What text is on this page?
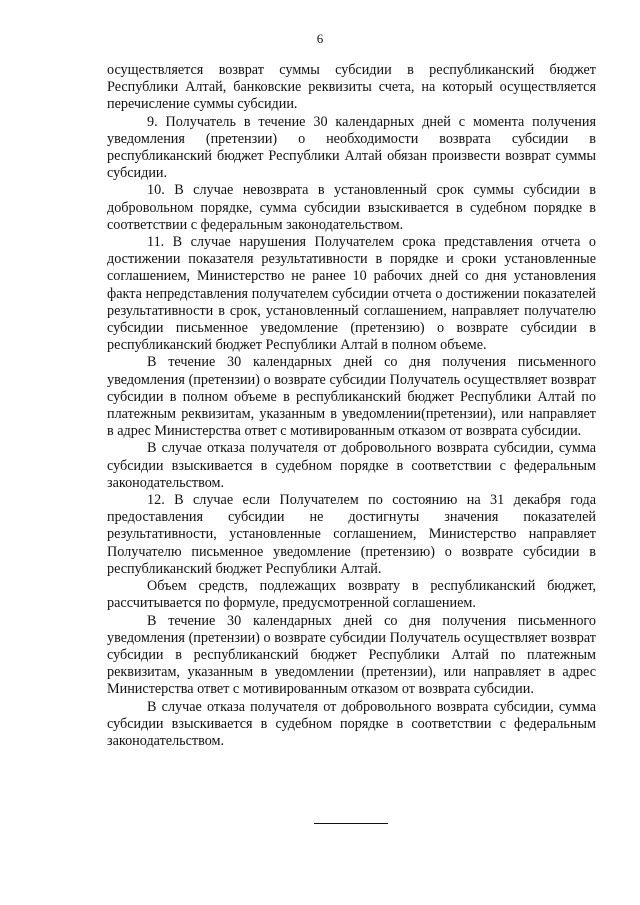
6

осуществляется возврат суммы субсидии в республиканский бюджет Республики Алтай, банковские реквизиты счета, на который осуществляется перечисление суммы субсидии.

9. Получатель в течение 30 календарных дней с момента получения уведомления (претензии) о необходимости возврата субсидии в республиканский бюджет Республики Алтай обязан произвести возврат суммы субсидии.

10. В случае невозврата в установленный срок суммы субсидии в добровольном порядке, сумма субсидии взыскивается в судебном порядке в соответствии с федеральным законодательством.

11. В случае нарушения Получателем срока представления отчета о достижении показателя результативности в порядке и сроки установленные соглашением, Министерство не ранее 10 рабочих дней со дня установления факта непредставления получателем субсидии отчета о достижении показателей результативности в срок, установленный соглашением, направляет получателю субсидии письменное уведомление (претензию) о возврате субсидии в республиканский бюджет Республики Алтай в полном объеме.

В течение 30 календарных дней со дня получения письменного уведомления (претензии) о возврате субсидии Получатель осуществляет возврат субсидии в полном объеме в республиканский бюджет Республики Алтай по платежным реквизитам, указанным в уведомлении(претензии), или направляет в адрес Министерства ответ с мотивированным отказом от возврата субсидии.

В случае отказа получателя от добровольного возврата субсидии, сумма субсидии взыскивается в судебном порядке в соответствии с федеральным законодательством.

12. В случае если Получателем по состоянию на 31 декабря года предоставления субсидии не достигнуты значения показателей результативности, установленные соглашением, Министерство направляет Получателю письменное уведомление (претензию) о возврате субсидии в республиканский бюджет Республики Алтай.

Объем средств, подлежащих возврату в республиканский бюджет, рассчитывается по формуле, предусмотренной соглашением.

В течение 30 календарных дней со дня получения письменного уведомления (претензии) о возврате субсидии Получатель осуществляет возврат субсидии в республиканский бюджет Республики Алтай по платежным реквизитам, указанным в уведомлении (претензии), или направляет в адрес Министерства ответ с мотивированным отказом от возврата субсидии.

В случае отказа получателя от добровольного возврата субсидии, сумма субсидии взыскивается в судебном порядке в соответствии с федеральным законодательством.
